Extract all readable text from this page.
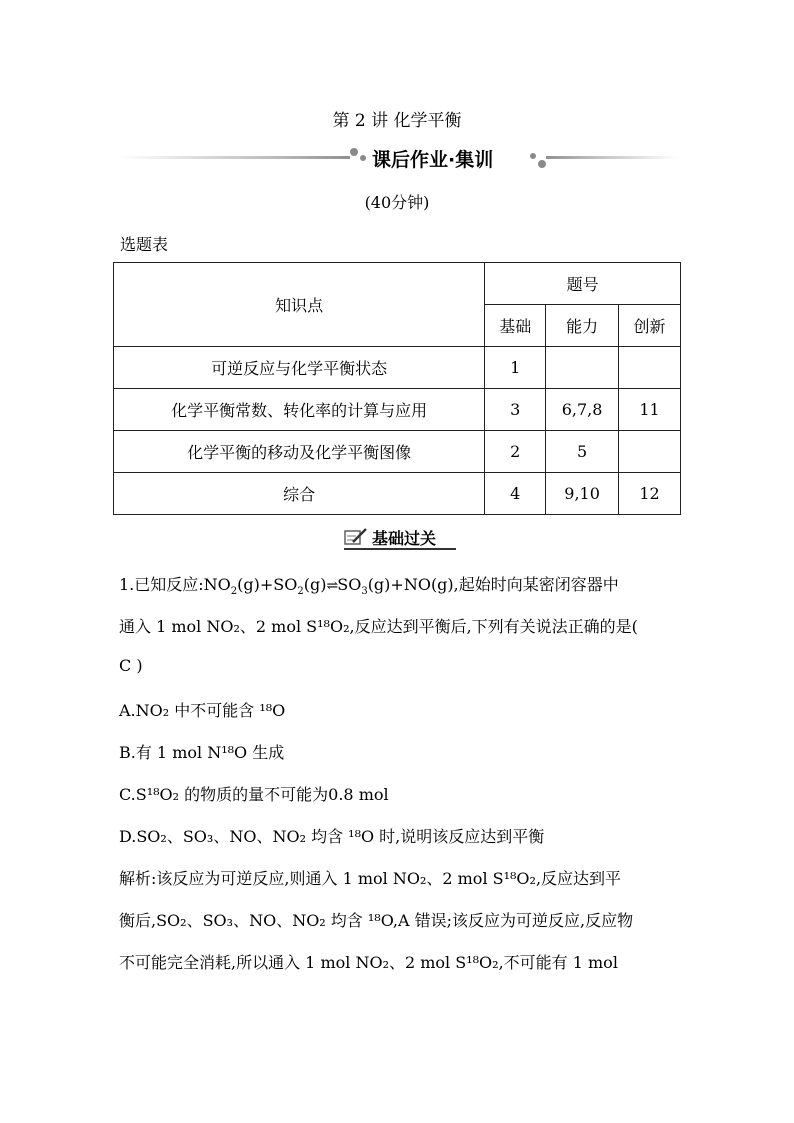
第 2 讲 化学平衡
课后作业·集训
(40分钟)
选题表
知识点	题号		
	基础	能力	创新
可逆反应与化学平衡状态	1		
化学平衡常数、转化率的计算与应用	3	6,7,8	11
化学平衡的移动及化学平衡图像	2	5	
综合	4	9,10	12
基础过关
1.已知反应$:NO_2(g)+SO_2(g)\rightleftharpoons SO_3(g)+NO(g)$,起始时向某密闭容器中
通入 1 mol NO₂、2 mol S¹⁸O₂,反应达到平衡后,下列有关说法正确的是(
C )
A.NO₂ 中不可能含 ¹⁸O
B.有 1 mol N¹⁸O 生成
C.S¹⁸O₂ 的物质的量不可能为0.8 mol
D.SO₂、SO₃、NO、NO₂ 均含 ¹⁸O 时,说明该反应达到平衡
解析:该反应为可逆反应,则通入 1 mol NO₂、2 mol S¹⁸O₂,反应达到平
衡后,SO₂、SO₃、NO、NO₂ 均含 ¹⁸O,A 错误;该反应为可逆反应,反应物
不可能完全消耗,所以通入 1 mol NO₂、2 mol S¹⁸O₂,不可能有 1 mol
